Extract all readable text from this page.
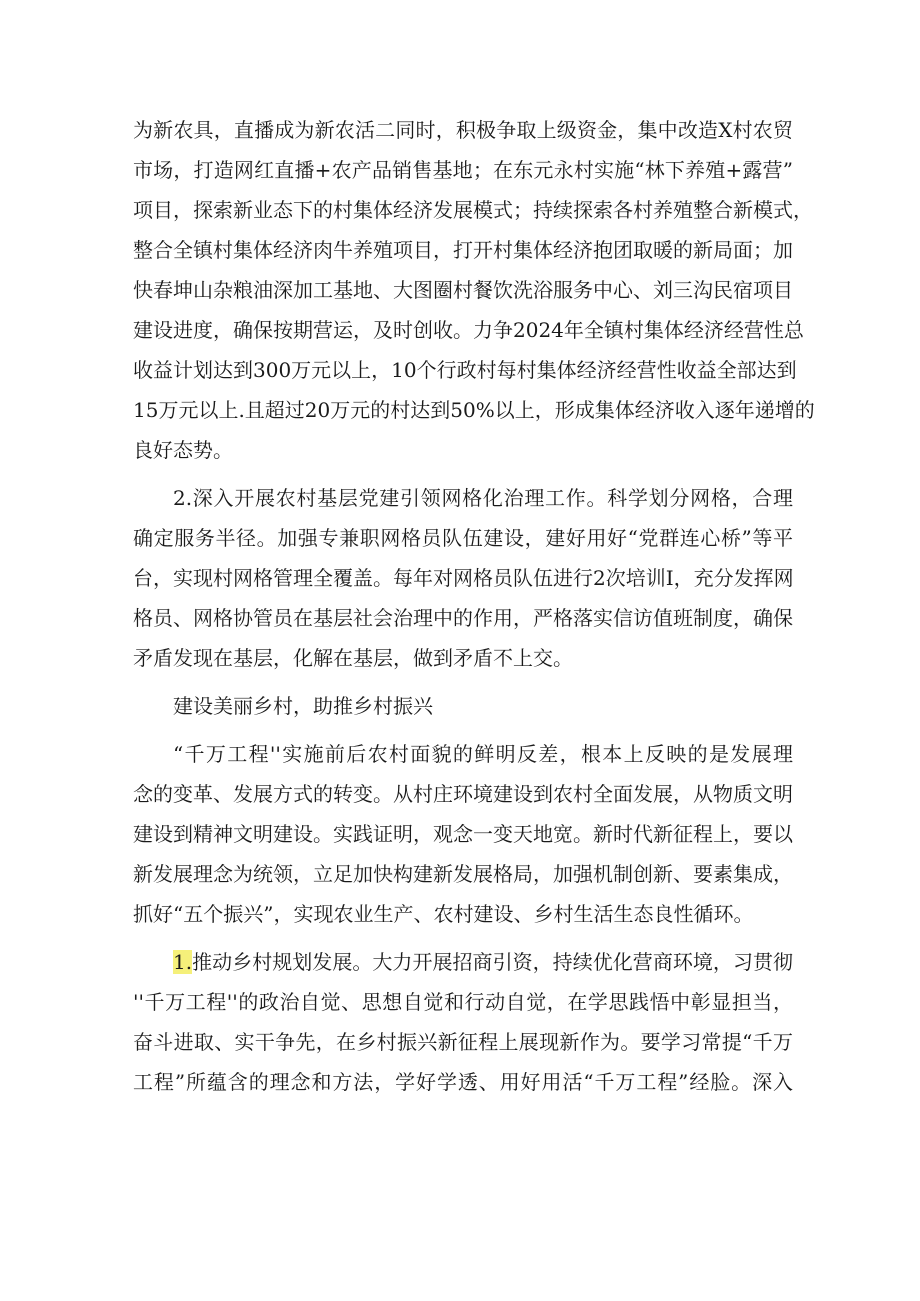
为新农具，直播成为新农活二同时，积极争取上级资金，集中改造X村农贸
市场，打造网红直播+农产品销售基地；在东元永村实施“林下养殖+露营”
项目，探索新业态下的村集体经济发展模式；持续探索各村养殖整合新模式，
整合全镇村集体经济肉牛养殖项目，打开村集体经济抱团取暖的新局面；加
快春坤山杂粮油深加工基地、大图圈村餐饮洗浴服务中心、刘三沟民宿项目
建设进度，确保按期营运，及时创收。力争2024年全镇村集体经济经营性总
收益计划达到300万元以上，10个行政村每村集体经济经营性收益全部达到
15万元以上.且超过20万元的村达到50%以上，形成集体经济收入逐年递增的
良好态势。
2.深入开展农村基层党建引领网格化治理工作。科学划分网格，合理
确定服务半径。加强专兼职网格员队伍建设，建好用好“党群连心桥”等平
台，实现村网格管理全覆盖。每年对网格员队伍进行2次培训I，充分发挥网
格员、网格协管员在基层社会治理中的作用，严格落实信访值班制度，确保
矛盾发现在基层，化解在基层，做到矛盾不上交。
建设美丽乡村，助推乡村振兴
“千万工程''实施前后农村面貌的鲜明反差，根本上反映的是发展理
念的变革、发展方式的转变。从村庄环境建设到农村全面发展，从物质文明
建设到精神文明建设。实践证明，观念一变天地宽。新时代新征程上，要以
新发展理念为统领，立足加快构建新发展格局，加强机制创新、要素集成，
抓好“五个振兴”，实现农业生产、农村建设、乡村生活生态良性循环。
1.推动乡村规划发展。大力开展招商引资，持续优化营商环境，习贯彻
''千万工程''的政治自觉、思想自觉和行动自觉，在学思践悟中彰显担当，
奋斗进取、实干争先，在乡村振兴新征程上展现新作为。要学习常提“千万
工程”所蕴含的理念和方法，学好学透、用好用活“千万工程”经脸。深入
